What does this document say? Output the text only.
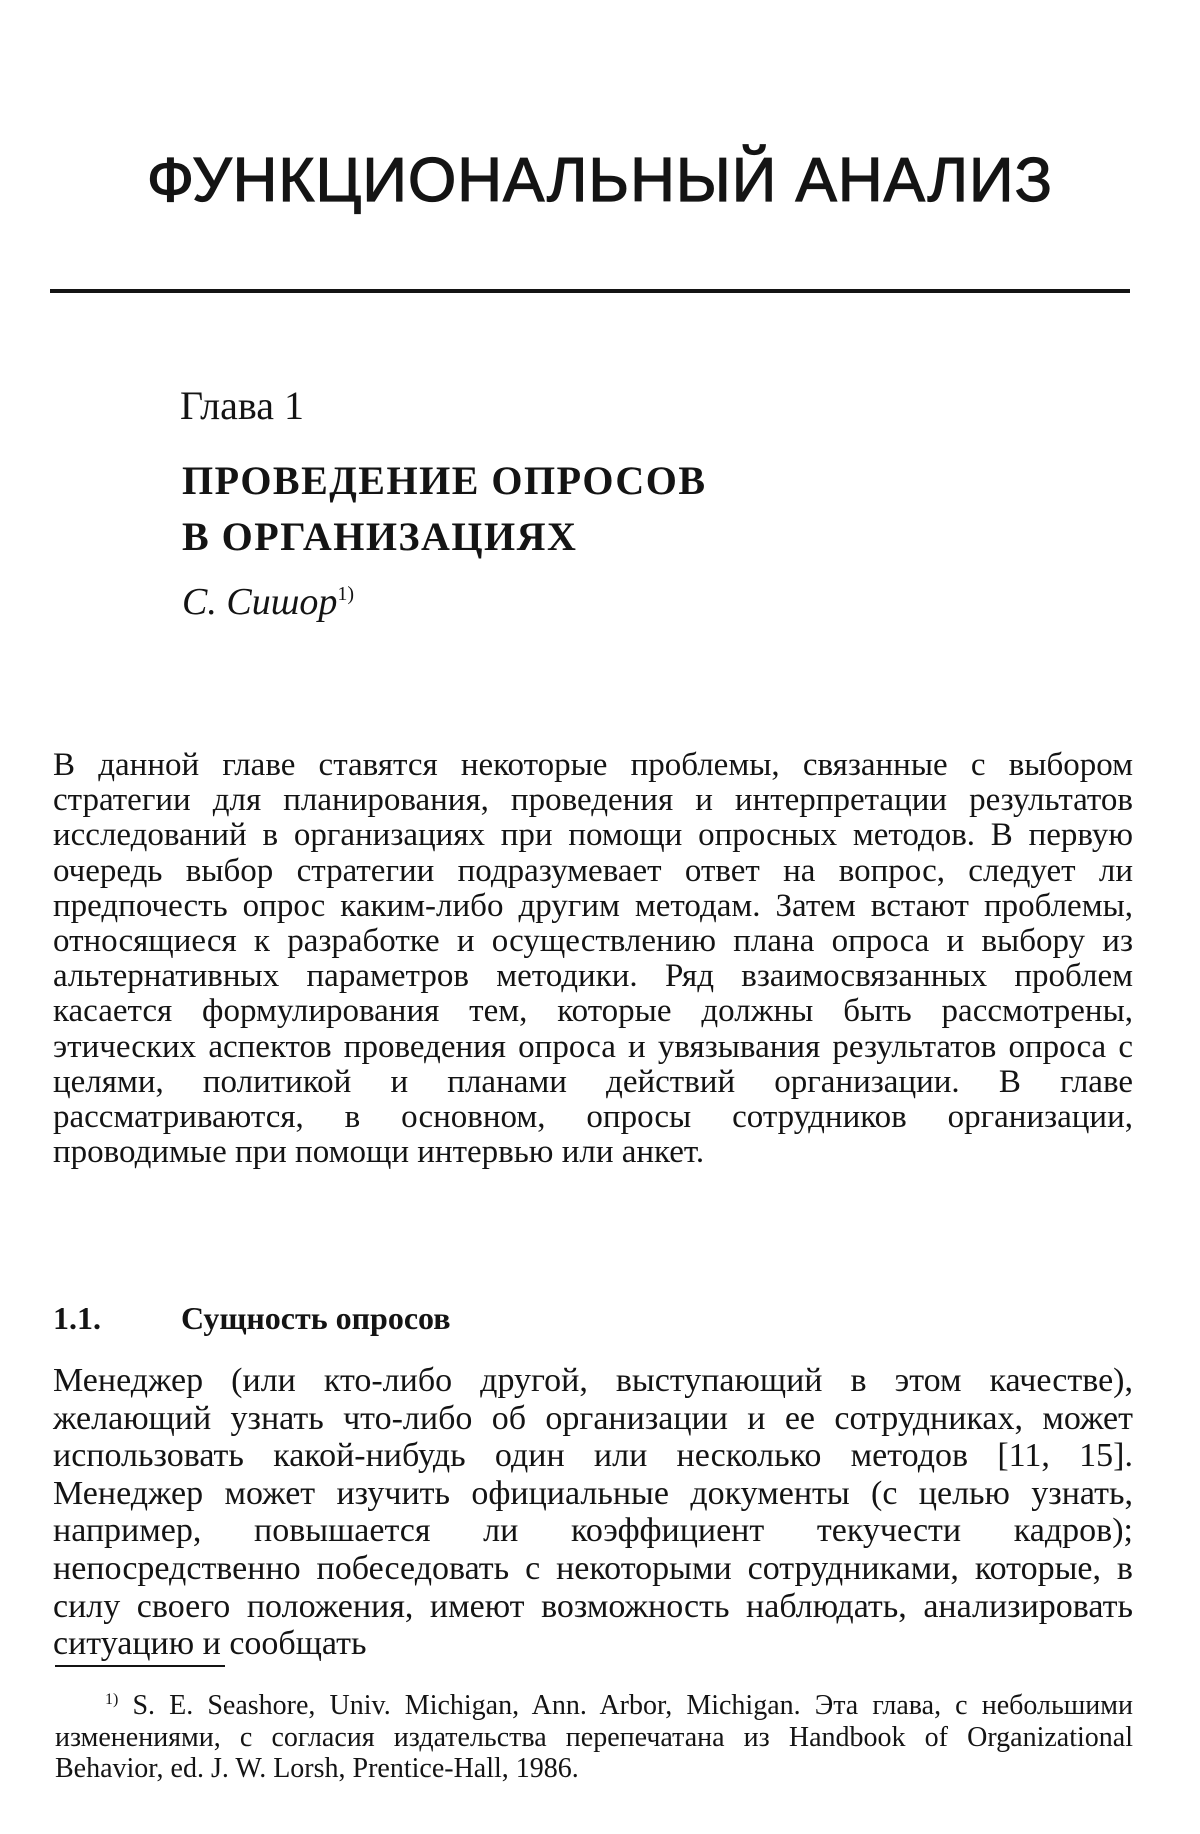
ФУНКЦИОНАЛЬНЫЙ АНАЛИЗ

Глава 1

ПРОВЕДЕНИЕ ОПРОСОВ
В ОРГАНИЗАЦИЯХ

С. Сишор1)

В данной главе ставятся некоторые проблемы, связанные с выбором стратегии для планирования, проведения и интерпретации результатов исследований в организациях при помощи опросных методов. В первую очередь выбор стратегии подразумевает ответ на вопрос, следует ли предпочесть опрос каким-либо другим методам. Затем встают проблемы, относящиеся к разработке и осуществлению плана опроса и выбору из альтернативных параметров методики. Ряд взаимосвязанных проблем касается формулирования тем, которые должны быть рассмотрены, этических аспектов проведения опроса и увязывания результатов опроса с целями, политикой и планами действий организации. В главе рассматриваются, в основном, опросы сотрудников организации, проводимые при помощи интервью или анкет.

1.1.	Сущность опросов

Менеджер (или кто-либо другой, выступающий в этом качестве), желающий узнать что-либо об организации и ее сотрудниках, может использовать какой-нибудь один или несколько методов [11, 15]. Менеджер может изучить официальные документы (с целью узнать, например, повышается ли коэффициент текучести кадров); непосредственно побеседовать с некоторыми сотрудниками, которые, в силу своего положения, имеют возможность наблюдать, анализировать ситуацию и сообщать

1) S. E. Seashore, Univ. Michigan, Ann. Arbor, Michigan. Эта глава, с небольшими изменениями, с согласия издательства перепечатана из Handbook of Organizational Behavior, ed. J. W. Lorsh, Prentice-Hall, 1986.
